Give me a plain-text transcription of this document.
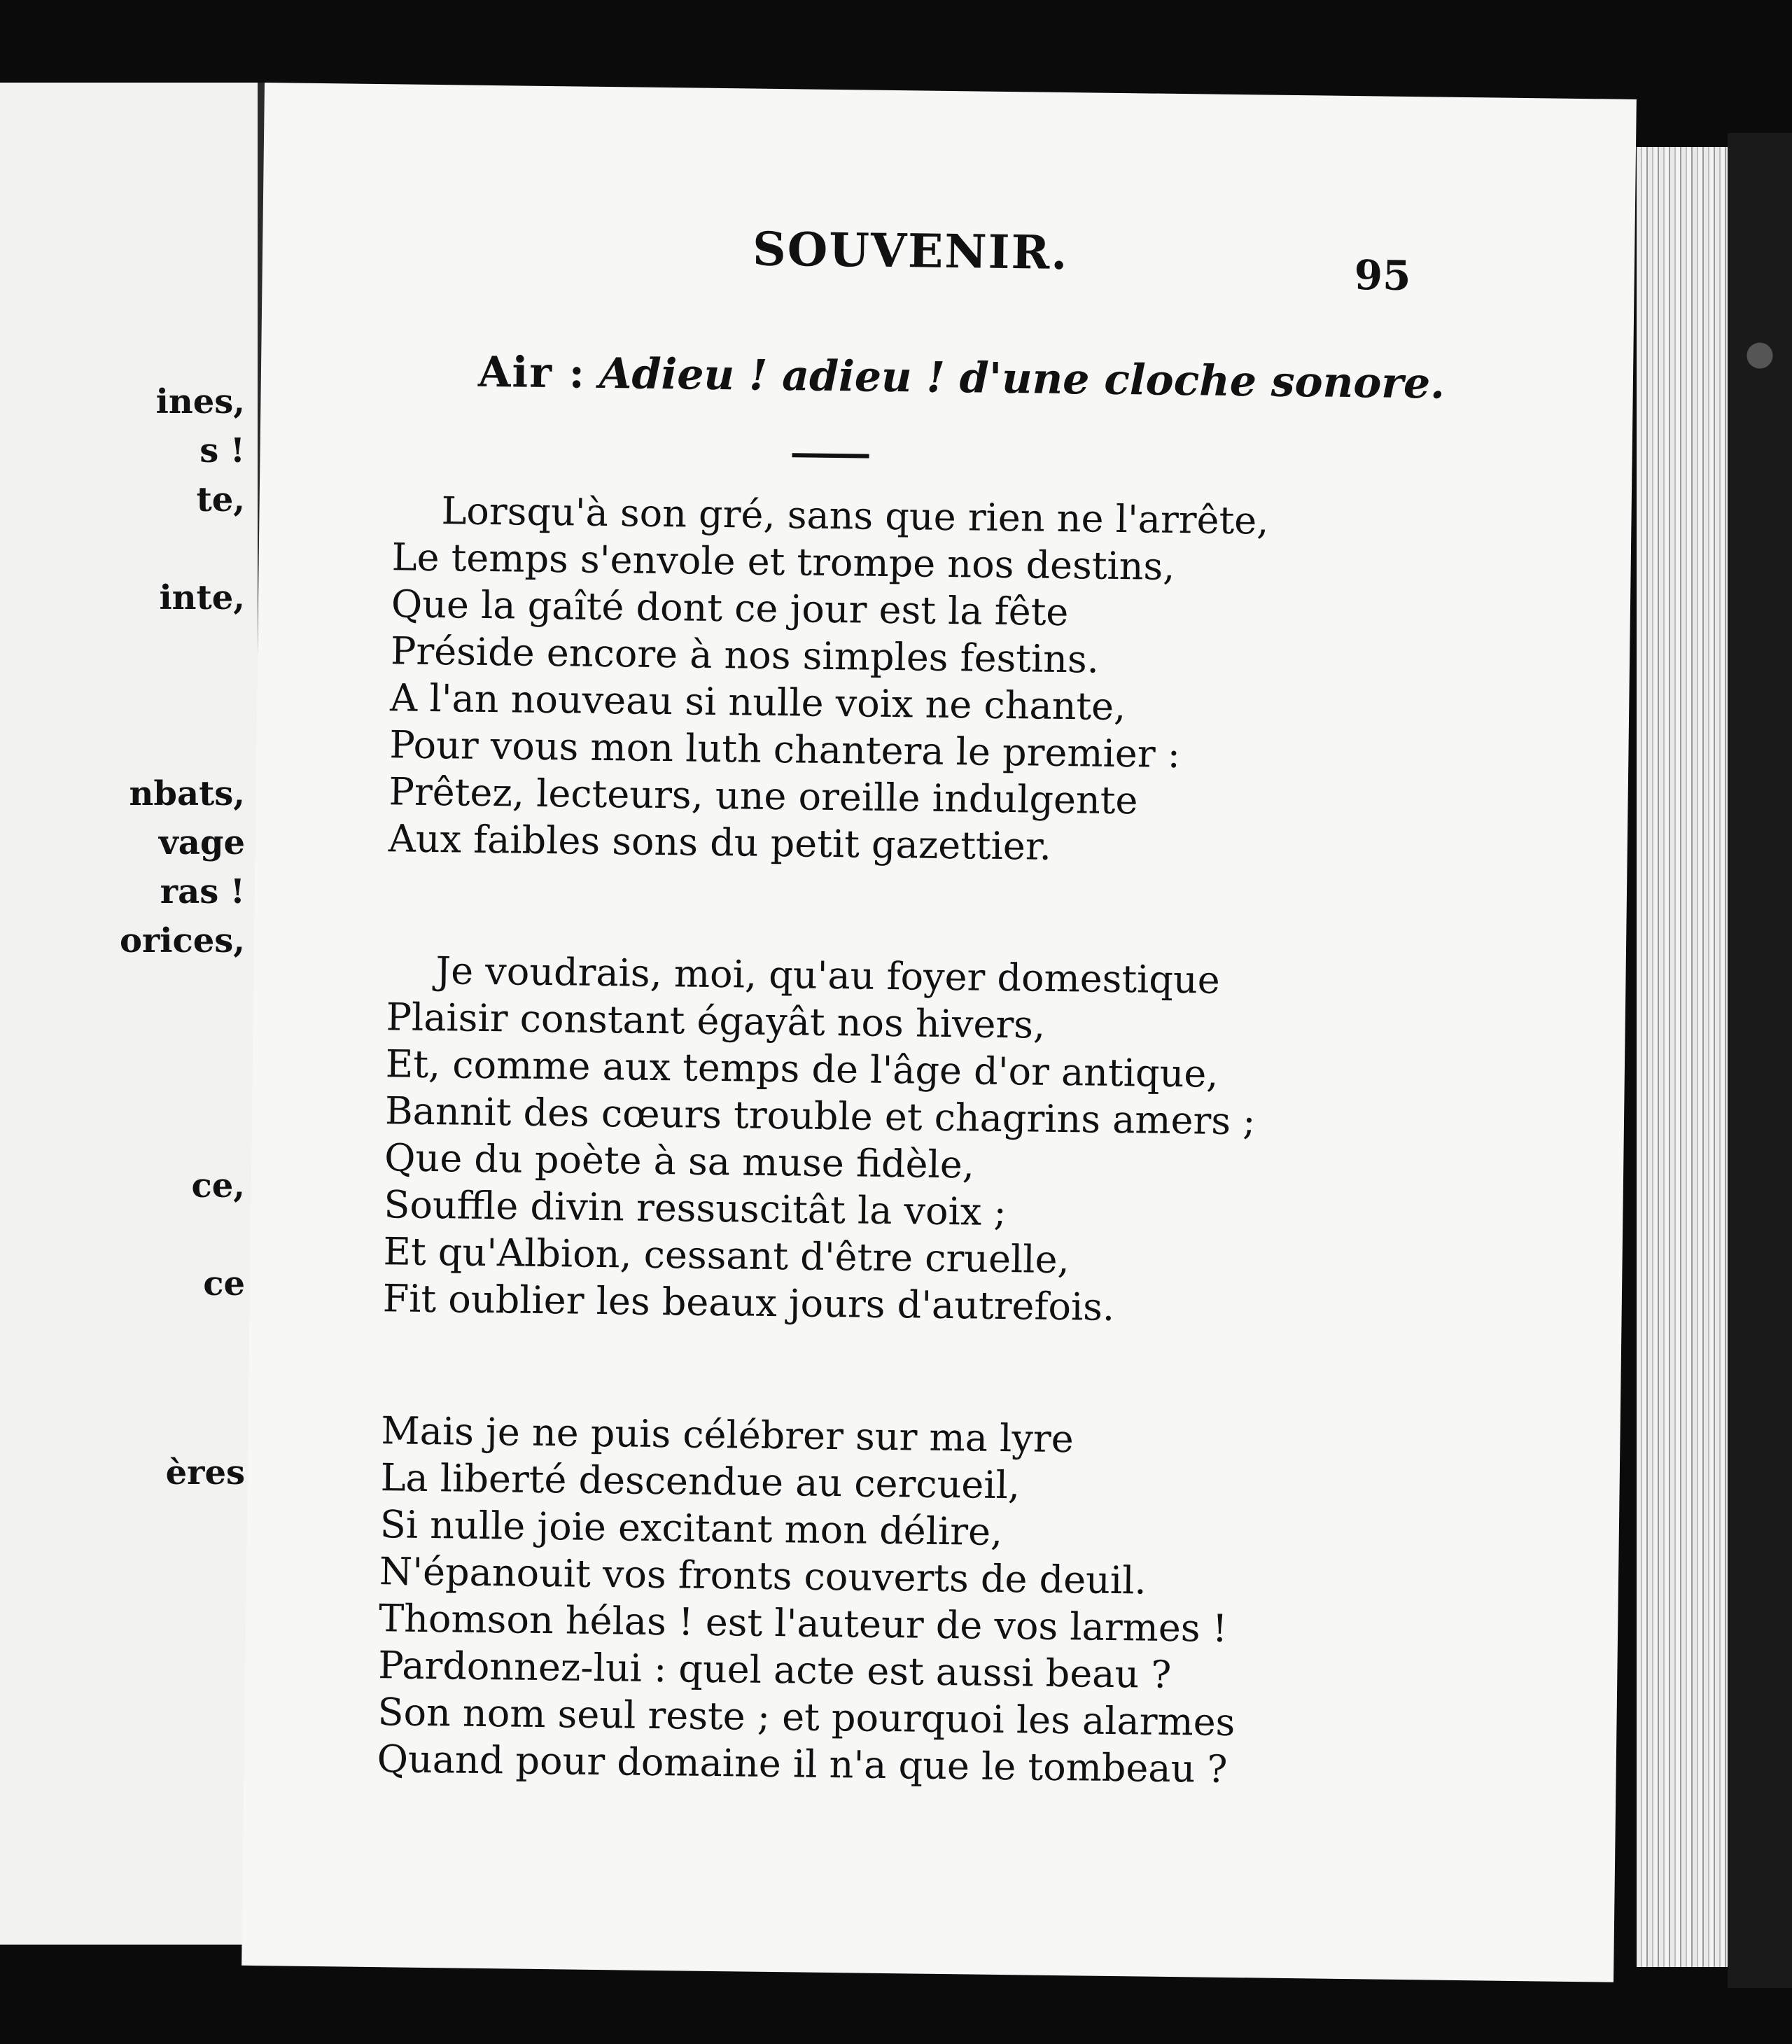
ines,

s !

te,

inte,

nbats,

vage

ras !

orices,

ce,

ce

ères

SOUVENIR.	95

Air : Adieu ! adieu ! d'une cloche sonore.

Lorsqu'à son gré, sans que rien ne l'arrête,
Le temps s'envole et trompe nos destins,
Que la gaîté dont ce jour est la fête
Préside encore à nos simples festins.
A l'an nouveau si nulle voix ne chante,
Pour vous mon luth chantera le premier :
Prêtez, lecteurs, une oreille indulgente
Aux faibles sons du petit gazettier.
Je voudrais, moi, qu'au foyer domestique
Plaisir constant égayât nos hivers,
Et, comme aux temps de l'âge d'or antique,
Bannit des cœurs trouble et chagrins amers ;
Que du poète à sa muse fidèle,
Souffle divin ressuscitât la voix ;
Et qu'Albion, cessant d'être cruelle,
Fit oublier les beaux jours d'autrefois.
Mais je ne puis célébrer sur ma lyre
La liberté descendue au cercueil,
Si nulle joie excitant mon délire,
N'épanouit vos fronts couverts de deuil.
Thomson hélas ! est l'auteur de vos larmes !
Pardonnez-lui : quel acte est aussi beau ?
Son nom seul reste ; et pourquoi les alarmes
Quand pour domaine il n'a que le tombeau ?
